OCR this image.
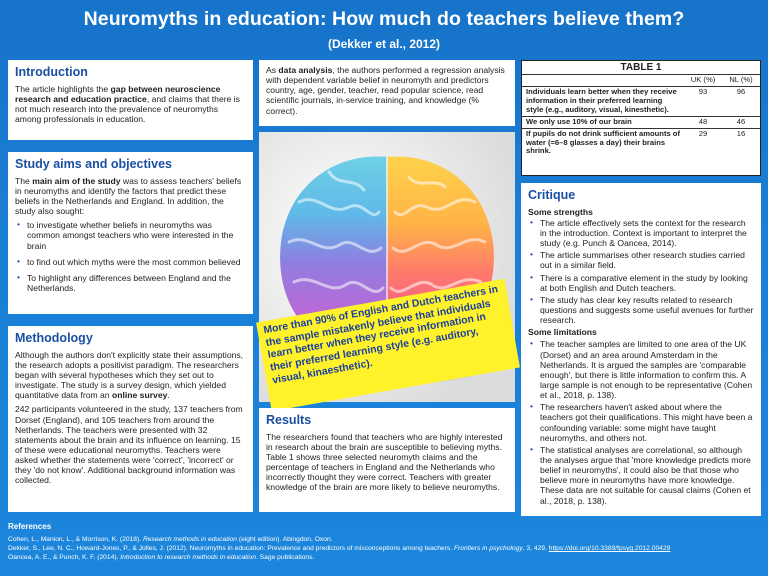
Neuromyths in education: How much do teachers believe them?
(Dekker et al., 2012)
Introduction

The article highlights the gap between neuroscience research and education practice, and claims that there is not much research into the prevalence of neuromyths among professionals in education.

Study aims and objectives

The main aim of the study was to assess teachers' beliefs in neuromyths and identify the factors that predict these beliefs in the Netherlands and England. In addition, the study also sought:

• to investigate whether beliefs in neuromyths was common amongst teachers who were interested in the brain
• to find out which myths were the most common believed
• To highlight any differences between England and the Netherlands.
Methodology

Although the authors don't explicitly state their assumptions, the research adopts a positivist paradigm. The researchers began with several hypotheses which they set out to investigate. The study is a survey design, which yielded quantitative data from an online survey.

242 participants volunteered in the study, 137 teachers from Dorset (England), and 105 teachers from around the Netherlands. The teachers were presented with 32 statements about the brain and its influence on learning. 15 of these were educational neuromyths. Teachers were asked whether the statements were 'correct', 'incorrect' or they 'do not know'. Additional background information was collected.

As data analysis, the authors performed a regression analysis with dependent variable belief in neuromyth and predictors country, age, gender, teacher, read popular science, read scientific journals, in-service training, and knowledge (% correct).

More than 90% of English and Dutch teachers in the sample mistakenly believe that individuals learn better when they receive information in their preferred learning style (e.g. auditory, visual, kinaesthetic).
Results

The researchers found that teachers who are highly interested in research about the brain are susceptible to believing myths. Table 1 shows three selected neuromyth claims and the percentage of teachers in England and the Netherlands who incorrectly thought they were correct. Teachers with greater knowledge of the brain are more likely to believe neuromyths.

TABLE 1
	UK (%)	NL (%)
Individuals learn better when they receive information in their preferred learning style (e.g., auditory, visual, kinesthetic).	93	96
We only use 10% of our brain	48	46
If pupils do not drink sufficient amounts of water (=6–8 glasses a day) their brains shrink.	29	16
Critique
Some strengths
• The article effectively sets the context for the research in the introduction. Context is important to interpret the study (e.g. Punch & Oancea, 2014).
• The article summarises other research studies carried out in a similar field.
• There is a comparative element in the study by looking at both English and Dutch teachers.
• The study has clear key results related to research questions and suggests some useful avenues for further research.
Some limitations
• The teacher samples are limited to one area of the UK (Dorset) and an area around Amsterdam in the Netherlands. It is argued the samples are 'comparable enough', but there is little information to confirm this. A large sample is not enough to be representative (Cohen et al., 2018, p. 138).
• The researchers haven't asked about where the teachers got their qualifications. This might have been a confounding variable: some might have taught neuromyths, and others not.
• The statistical analyses are correlational, so although the analyses argue that 'more knowledge predicts more belief in neuromyths', it could also be that those who believe more in neuromyths have more knowledge. These data are not suitable for causal claims (Cohen et al., 2018, p. 138).
References
Cohen, L., Manion, L., & Morrison, K. (2018). Research methods in education (eight edition). Abingdon, Oxon.
Dekker, S., Lee, N. C., Howard-Jones, P., & Jolles, J. (2012). Neuromyths in education: Prevalence and predictors of misconceptions among teachers. Frontiers in psychology, 3, 429. https://doi.org/10.3389/fpsyg.2012.00429
Oancea, A. E., & Punch, K. F. (2014). Introduction to research methods in education. Sage publications.
